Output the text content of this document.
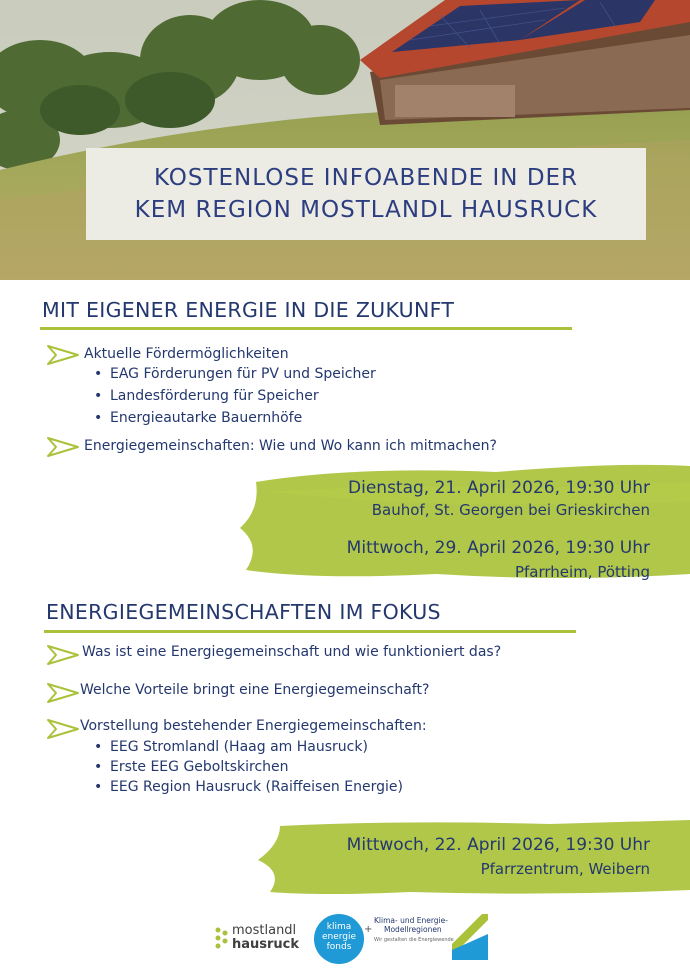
KOSTENLOSE INFOABENDE IN DER
KEM REGION MOSTLANDL HAUSRUCK
MIT EIGENER ENERGIE IN DIE ZUKUNFT
Aktuelle Fördermöglichkeiten
• EAG Förderungen für PV und Speicher
• Landesförderung für Speicher
• Energieautarke Bauernhöfe
Energiegemeinschaften: Wie und Wo kann ich mitmachen?
Dienstag, 21. April 2026, 19:30 Uhr
Bauhof, St. Georgen bei Grieskirchen
Mittwoch, 29. April 2026, 19:30 Uhr
Pfarrheim, Pötting
ENERGIEGEMEINSCHAFTEN IM FOKUS
Was ist eine Energiegemeinschaft und wie funktioniert das?
Welche Vorteile bringt eine Energiegemeinschaft?
Vorstellung bestehender Energiegemeinschaften:
• EEG Stromlandl (Haag am Hausruck)
• Erste EEG Geboltskirchen
• EEG Region Hausruck (Raiffeisen Energie)
Mittwoch, 22. April 2026, 19:30 Uhr
Pfarrzentrum, Weibern
mostlandl
hausruck
klima
energie
fonds
+
Klima- und Energie-
Modellregionen
Wir gestalten die Energiewende
